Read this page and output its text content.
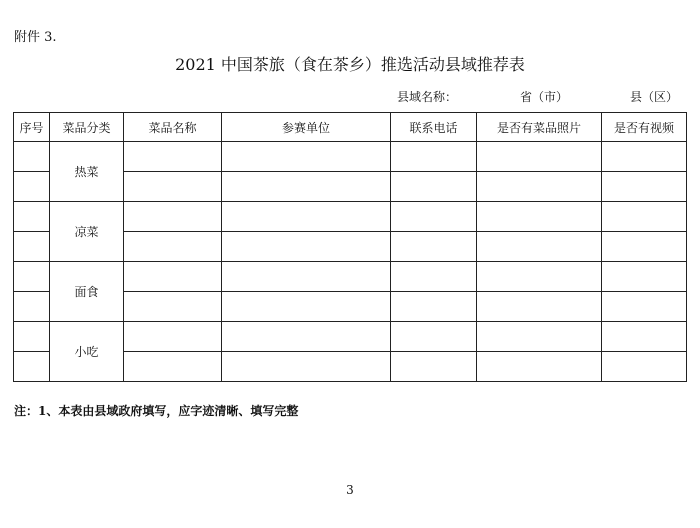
附件 3.
2021 中国茶旅（食在茶乡）推选活动县域推荐表
县域名称：	省（市）	县（区）
序号	菜品分类	菜品名称	参赛单位	联系电话	是否有菜品照片	是否有视频
	热菜					

	凉菜					

	面食					

	小吃					

注：1、本表由县域政府填写，应字迹清晰、填写完整
3
